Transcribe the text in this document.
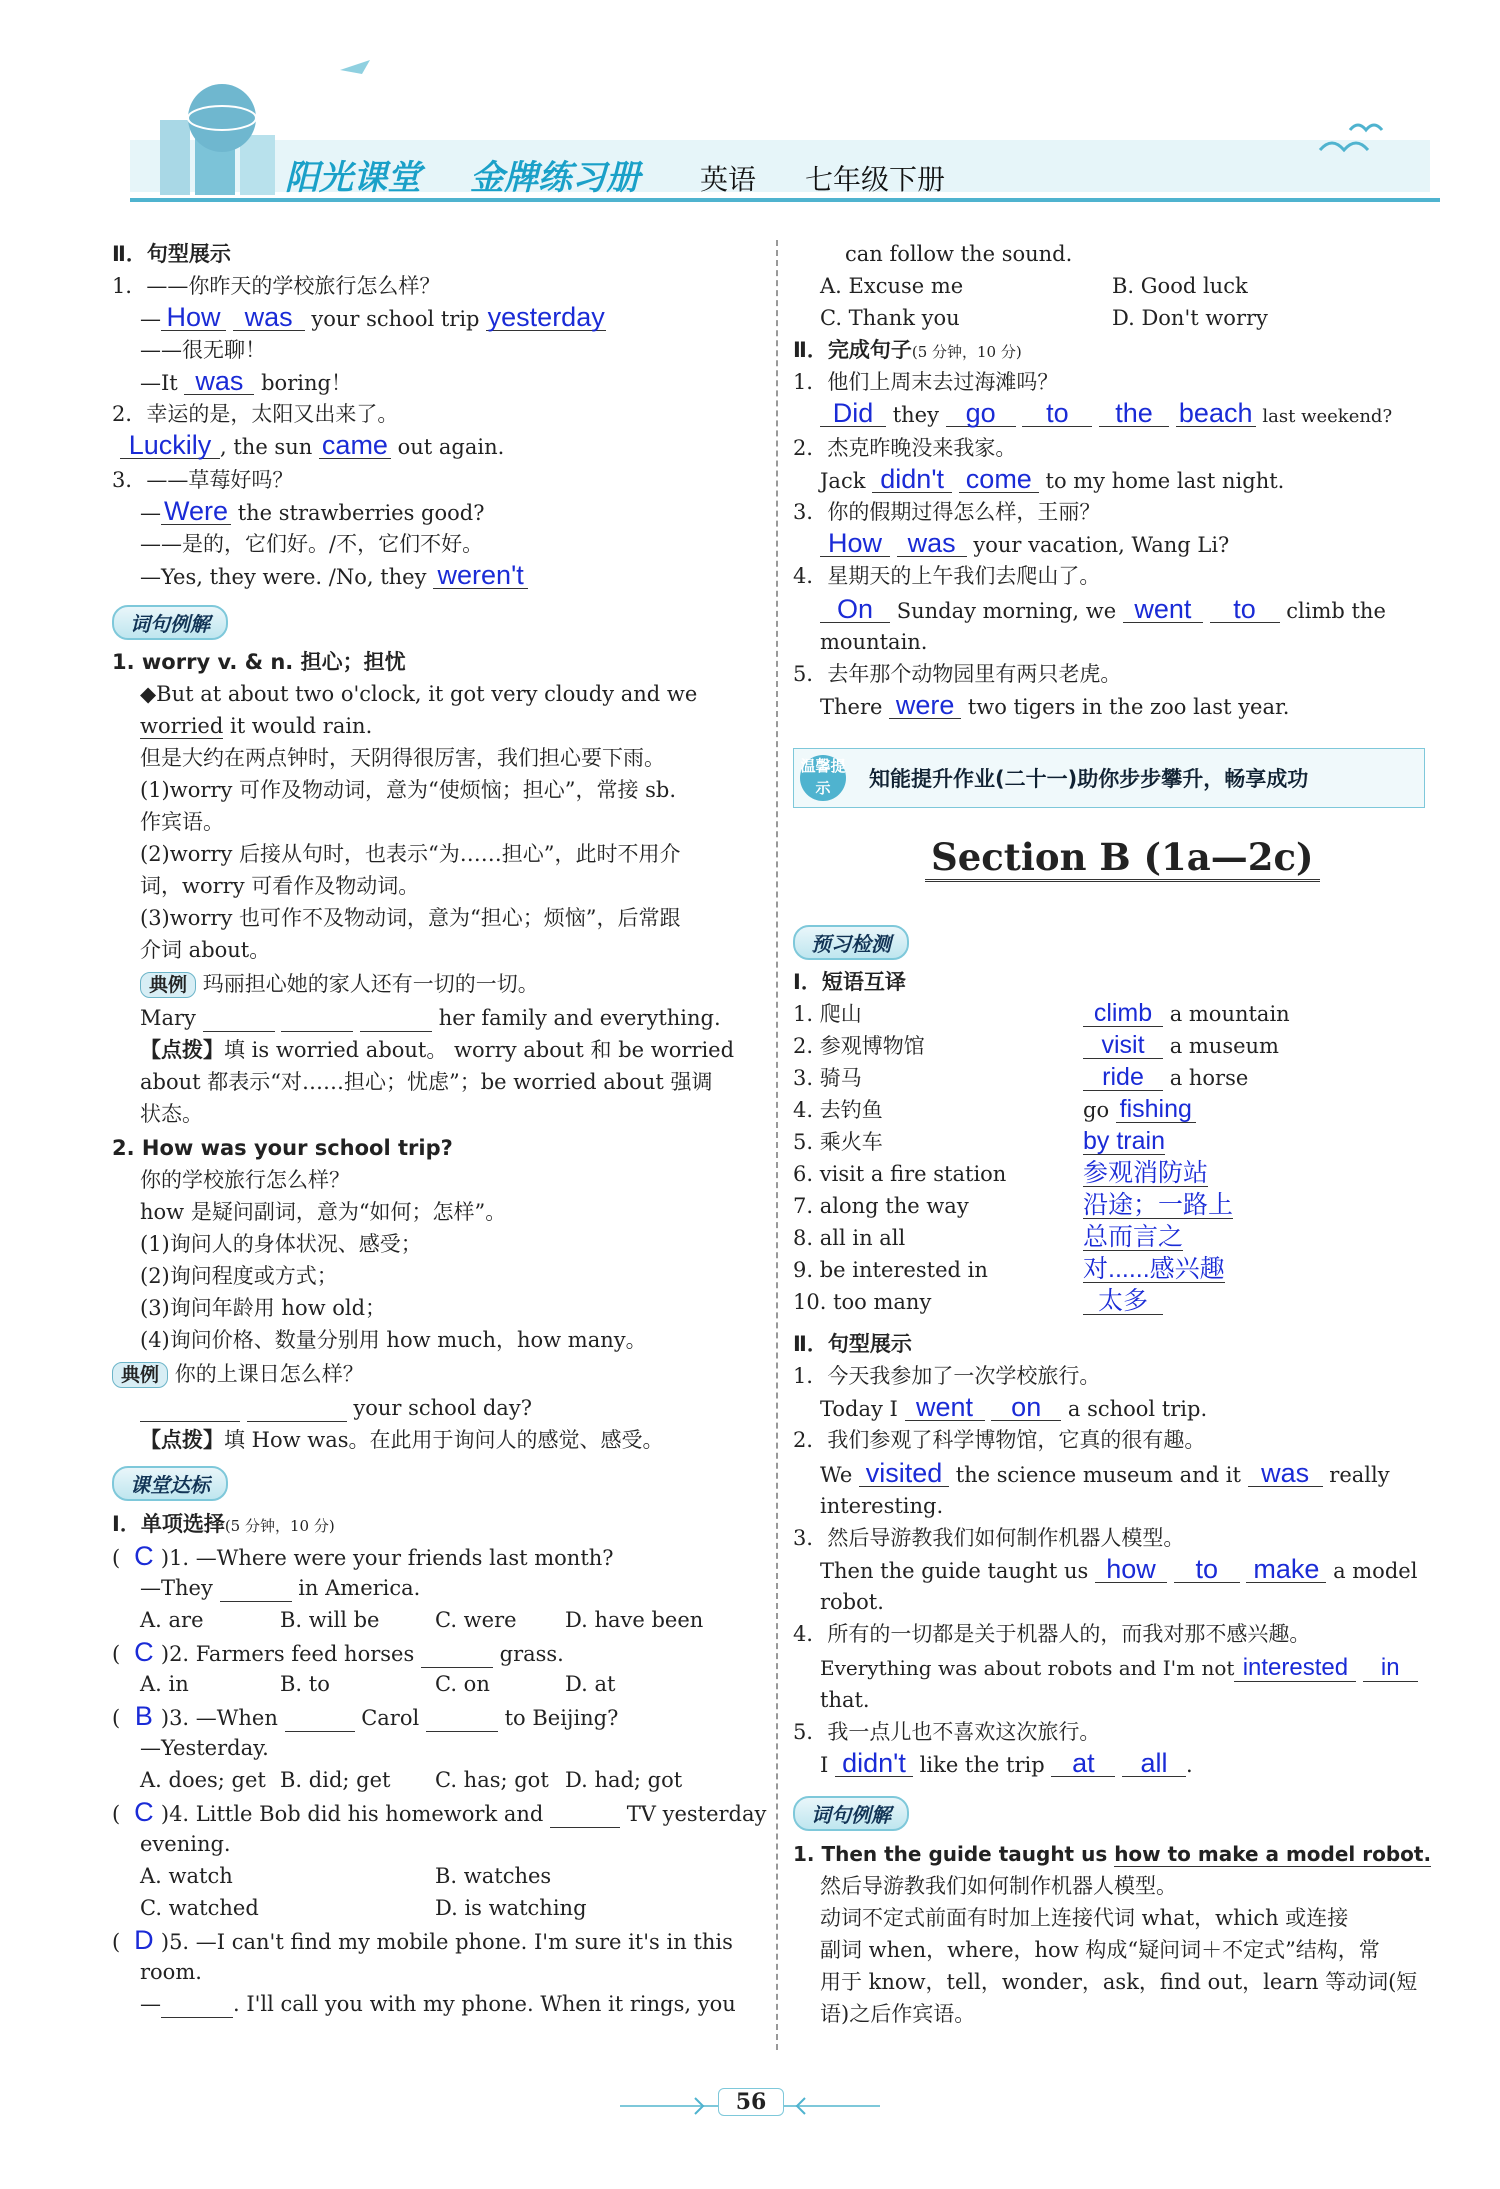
阳光课堂 金牌练习册 英语 七年级下册
Ⅱ．句型展示
1．——你昨天的学校旅行怎么样？
— How was your school trip yesterday
——很无聊！
—It was boring！
2．幸运的是，太阳又出来了。
Luckily , the sun came out again.
3．——草莓好吗？
— Were the strawberries good?
——是的，它们好。/不，它们不好。
—Yes, they were. /No, they weren't
词句例解
1. worry v. & n. 担心；担忧
◆But at about two o'clock, it got very cloudy and we
worried it would rain.
但是大约在两点钟时，天阴得很厉害，我们担心要下雨。
(1)worry 可作及物动词，意为“使烦恼；担心”，常接 sb.
作宾语。
(2)worry 后接从句时，也表示“为……担心”，此时不用介
词，worry 可看作及物动词。
(3)worry 也可作不及物动词，意为“担心；烦恼”，后常跟
介词 about。
典例 玛丽担心她的家人还有一切的一切。
Mary	her family and everything.
【点拨】填 is worried about。 worry about 和 be worried
about 都表示“对……担心；忧虑”；be worried about 强调
状态。
2. How was your school trip?
你的学校旅行怎么样？
how 是疑问副词，意为“如何；怎样”。
(1)询问人的身体状况、感受；
(2)询问程度或方式；
(3)询问年龄用 how old；
(4)询问价格、数量分别用 how much，how many。
典例 你的上课日怎么样？
your school day?
【点拨】填 How was。在此用于询问人的感觉、感受。
课堂达标
Ⅰ．单项选择(5 分钟，10 分)
( C )1. —Where were your friends last month?
—They	in America.
A. are	B. will be	C. were D. have been
( C )2. Farmers feed horses	grass.
A. in	B. to	C. on	D. at
( B )3. —When	Carol	to Beijing?
—Yesterday.
A. does; get B. did; get C. has; got D. had; got
( C )4. Little Bob did his homework and	TV yesterday
evening.
A. watch	B. watches
C. watched	D. is watching
( D )5. —I can't find my mobile phone. I'm sure it's in this
room.
—	. I'll call you with my phone. When it rings, you
can follow the sound.
A. Excuse me	B. Good luck
C. Thank you	D. Don't worry
Ⅱ．完成句子(5 分钟，10 分)
1．他们上周末去过海滩吗？
Did they go to the beach last weekend?
2．杰克昨晚没来我家。
Jack didn't come to my home last night.
3．你的假期过得怎么样，王丽？
How was your vacation, Wang Li?
4．星期天的上午我们去爬山了。
On Sunday morning, we went to climb the
mountain.
5．去年那个动物园里有两只老虎。
There were two tigers in the zoo last year.
温馨提示	知能提升作业(二十一)助你步步攀升，畅享成功
Section B (1a—2c)
预习检测
Ⅰ．短语互译
1. 爬山	climb a mountain
2. 参观博物馆	visit a museum
3. 骑马	ride a horse
4. 去钓鱼	go fishing
5. 乘火车	by train
6. visit a fire station	参观消防站
7. along the way	沿途；一路上
8. all in all	总而言之
9. be interested in	对......感兴趣
10. too many	太多
Ⅱ．句型展示
1．今天我参加了一次学校旅行。
Today I went on a school trip.
2．我们参观了科学博物馆，它真的很有趣。
We visited the science museum and it was really
interesting.
3．然后导游教我们如何制作机器人模型。
Then the guide taught us how to make a model
robot.
4．所有的一切都是关于机器人的，而我对那不感兴趣。
Everything was about robots and I'm not interested in
that.
5．我一点儿也不喜欢这次旅行。
I didn't like the trip at all .
词句例解
1. Then the guide taught us how to make a model robot.
然后导游教我们如何制作机器人模型。
动词不定式前面有时加上连接代词 what，which 或连接
副词 when，where，how 构成“疑问词＋不定式”结构，常
用于 know，tell，wonder，ask，find out，learn 等动词(短
语)之后作宾语。
56
